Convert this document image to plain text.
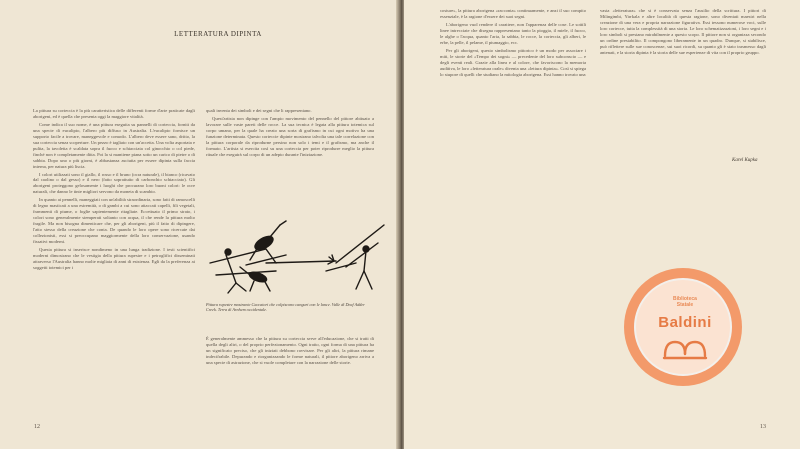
LETTERATURA DIPINTA

La pittura su corteccia è la più caratteristica delle differenti forme d'arte praticate dagli aborigeni, ed è quella che presenta oggi la maggiore vitalità.

Come indica il suo nome, è una pittura eseguita su pannelli di corteccia, forniti da una specie di eucalipto, l'albero più diffuso in Australia. L'eucalipto fornisce un supporto facile a trovare, maneggevole e comodo. L'albero deve essere sano, dritto, la sua corteccia senza scoperture. Un pezzo è tagliato con un'accetta. Una volta asportata e pulita, la tavoletta è scaldata sopra il fuoco e schiacciata col ginocchio o col piede, finché non è completamente ditta. Poi la si mantiene piana sotto un carico di pietre o di sabbia. Dopo uno o più giorni, è abbastanza asciutta per essere dipinta sulla faccia interna, per natura più liscia.

I colori utilizzati sono il giallo, il rosso e il bruno (ocra naturale), il bianco (ricavato dal caolino o dal gesso) e il nero (fatto soprattutto di carbonchio schiacciato). Gli aborigeni proteggono gelosamente i luoghi che procurano loro buoni colori: le ocre naturali, che danno le tinte migliori servono da moneta di scambio.

In quanto ai pennelli, maneggiati con un'abilità straordinaria, sono fatti di ramoscelli di legno masticati a una estremità, o di gambi a cui sono attaccati capelli, fili vegetali, frammenti di piume, o foglie sapientemente ritagliate. Eccettuato il primo strato, i colori sono generalmente stemperati soltanto con acqua, il che rende la pittura molto fragile. Ma non bisogna dimenticare che, per gli aborigeni, più il fatto di dipingere, l'atto stesso della creazione che conta. De quando le loro opere sono ricercate dai collezionisti, essi si preoccupano maggiormente della loro conservazione, usando fissativi moderni.

Questa pittura si inserisce nondimeno in una lunga tradizione. I testi scientifici moderni dimostrano che le vestigia della pittura rupestre e i petroglifici disseminati attraverso l'Australia hanno molte migliaia di anni di esistenza. Egli da la preferenza ai soggetti totemici per i

quali inventa dei simboli e dei segni che li rappresentano.

Quest'artista non dipinge con l'ampio movimento del pennello del pittore abituato a lavorare sulle vaste pareti delle rocce. La sua tecnica è legata alla pittura totemica sul corpo umano, per la quale ha creato una sorta di grafismo in cui ogni motivo ha una funzione determinata. Questo corteccie dipinte mostrano talvolta una tale correlazione con la pittura corporale da riprodurne persino non solo i temi e il grafismo, ma anche il formato. L'artista si esercita così su una corteccia per poter riprodurre meglio la pittura rituale che eseguirà sul corpo di un adepto durante l'iniziazione.

Pittura rupestre mostrante Caccatori che colpiscono canguri con le lance. Valle di Deaf Adder Creek. Terra di Arnhem occidentale.

È generalmente ammesso che la pittura su corteccia serve all'educazione, che si tratti di quella degli altri, o del proprio perfezionamento. Ogni tratto, ogni forma di una pittura ha un significato preciso, che gli iniziati debbono ravvisare. Per gli altri, la pittura rimane indecifrabile. Depurando e riorganizzando le forme naturali, il pittore aborigeno arriva a una specie di astrazione, che si vuole completare con la narrazione delle storie.

12

costure», la pittura aborigena «racconta» continuamente, e anzi il suo compito essenziale, è la ragione d'essere dei suoi segni.

L'aborigeno vuol rendere il carattere, non l'apparenza delle cose. Le sottili linee intrecciate che disegna rappresentano tanto la pioggia, il miele, il fuoco, le alghe o l'acqua, quanto l'aria, la sabbia, le rocce, la corteccia, gli alberi, le erbe, la pelle, il pelame, il piumaggio, ecc.

Per gli aborigeni, questo simbolismo pittorico è un modo per associare i miti, le storie del «Tempo dei sogni» — precedente del loro subconscio — e degli eventi reali. Grazie alla linea e al colore, che favoriscono la memoria auditiva, le loro «letteratura orale» diventa una «lettura dipinta». Così si spiega lo stupore di quelli che studiano la mitologia aborigena. Essi hanno trovato una

vasta «letteratura» che si è conservata senza l'ausilio della scrittura. I pittori di Milingimbi, Yirrkala e altre località di questa ragione, sono diventati maestri nella creazione di una vera e propria narrazione figurativa. Essi tessono numerose voci, sulle loro cortecce, tutta la complessità di una storia. Le loro schematizzazioni, i loro segni e i loro simboli si prestano mirabilmente a questo scopo. Il pittore non si organizza secondo un ordine prestabilito. Il compongono liberamente in un quadro. Dunque, si stabilisce, può riflettere sulle sue conoscenze, sui suoi ricordi, su quanto gli è stato trasmesso dagli antenati, e la storia dipinta è la storia delle sue esperienze di vita con il proprio gruppo.

Karel Kupka
Biblioteca
Statale
Baldini
13
